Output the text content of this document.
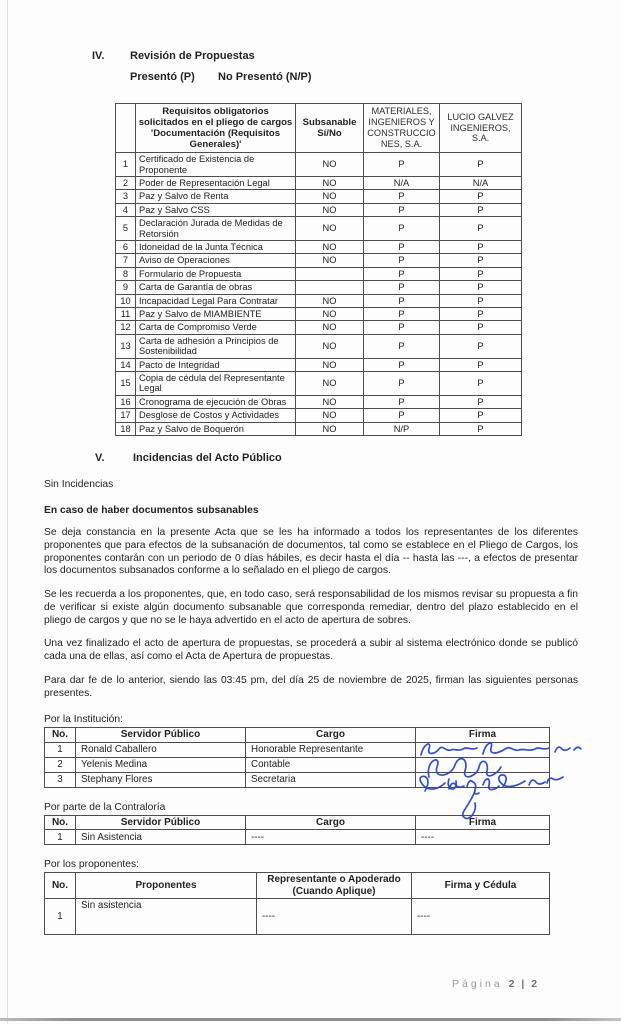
IV. Revisión de Propuestas
Presentó (P) No Presentó (N/P)
	Requisitos obligatorios solicitados en el pliego de cargos 'Documentación (Requisitos Generales)'	Subsanable Sí/No	MATERIALES, INGENIEROS Y CONSTRUCCIONES, S.A.	LUCIO GALVEZ INGENIEROS, S.A.
1	Certificado de Existencia de Proponente	NO	P	P
2	Poder de Representación Legal	NO	N/A	N/A
3	Paz y Salvo de Renta	NO	P	P
4	Paz y Salvo CSS	NO	P	P
5	Declaración Jurada de Medidas de Retorsión	NO	P	P
6	Idoneidad de la Junta Técnica	NO	P	P
7	Aviso de Operaciones	NO	P	P
8	Formulario de Propuesta		P	P
9	Carta de Garantía de obras		P	P
10	Incapacidad Legal Para Contratar	NO	P	P
11	Paz y Salvo de MIAMBIENTE	NO	P	P
12	Carta de Compromiso Verde	NO	P	P
13	Carta de adhesión a Principios de Sostenibilidad	NO	P	P
14	Pacto de Integridad	NO	P	P
15	Copia de cédula del Representante Legal	NO	P	P
16	Cronograma de ejecución de Obras	NO	P	P
17	Desglose de Costos y Actividades	NO	P	P
18	Paz y Salvo de Boquerón	NO	N/P	P
V.	Incidencias del Acto Público
Sin Incidencias
En caso de haber documentos subsanables

Se deja constancia en la presente Acta que se les ha informado a todos los representantes de los diferentes proponentes que para efectos de la subsanación de documentos, tal como se establece en el Pliego de Cargos, los proponentes contarán con un periodo de 0 días hábiles, es decir hasta el día -- hasta las ---, a efectos de presentar los documentos subsanados conforme a lo señalado en el pliego de cargos.

Se les recuerda a los proponentes, que, en todo caso, será responsabilidad de los mismos revisar su propuesta a fin de verificar si existe algún documento subsanable que corresponda remediar, dentro del plazo establecido en el pliego de cargos y que no se le haya advertido en el acto de apertura de sobres.

Una vez finalizado el acto de apertura de propuestas, se procederá a subir al sistema electrónico donde se publicó cada una de ellas, así como el Acta de Apertura de propuestas.

Para dar fe de lo anterior, siendo las 03:45 pm, del día 25 de noviembre de 2025, firman las siguientes personas presentes.

Por la Institución:
No.	Servidor Público	Cargo	Firma
1	Ronald Caballero	Honorable Representante	
2	Yelenis Medina	Contable	
3	Stephany Flores	Secretaria	
Por parte de la Contraloría
No.	Servidor Público	Cargo	Firma
1	Sin Asistencia	----	----
Por los proponentes:
No.	Proponentes	Representante o Apoderado (Cuando Aplique)	Firma y Cédula
1	Sin asistencia	----	----
Página 2 | 2
